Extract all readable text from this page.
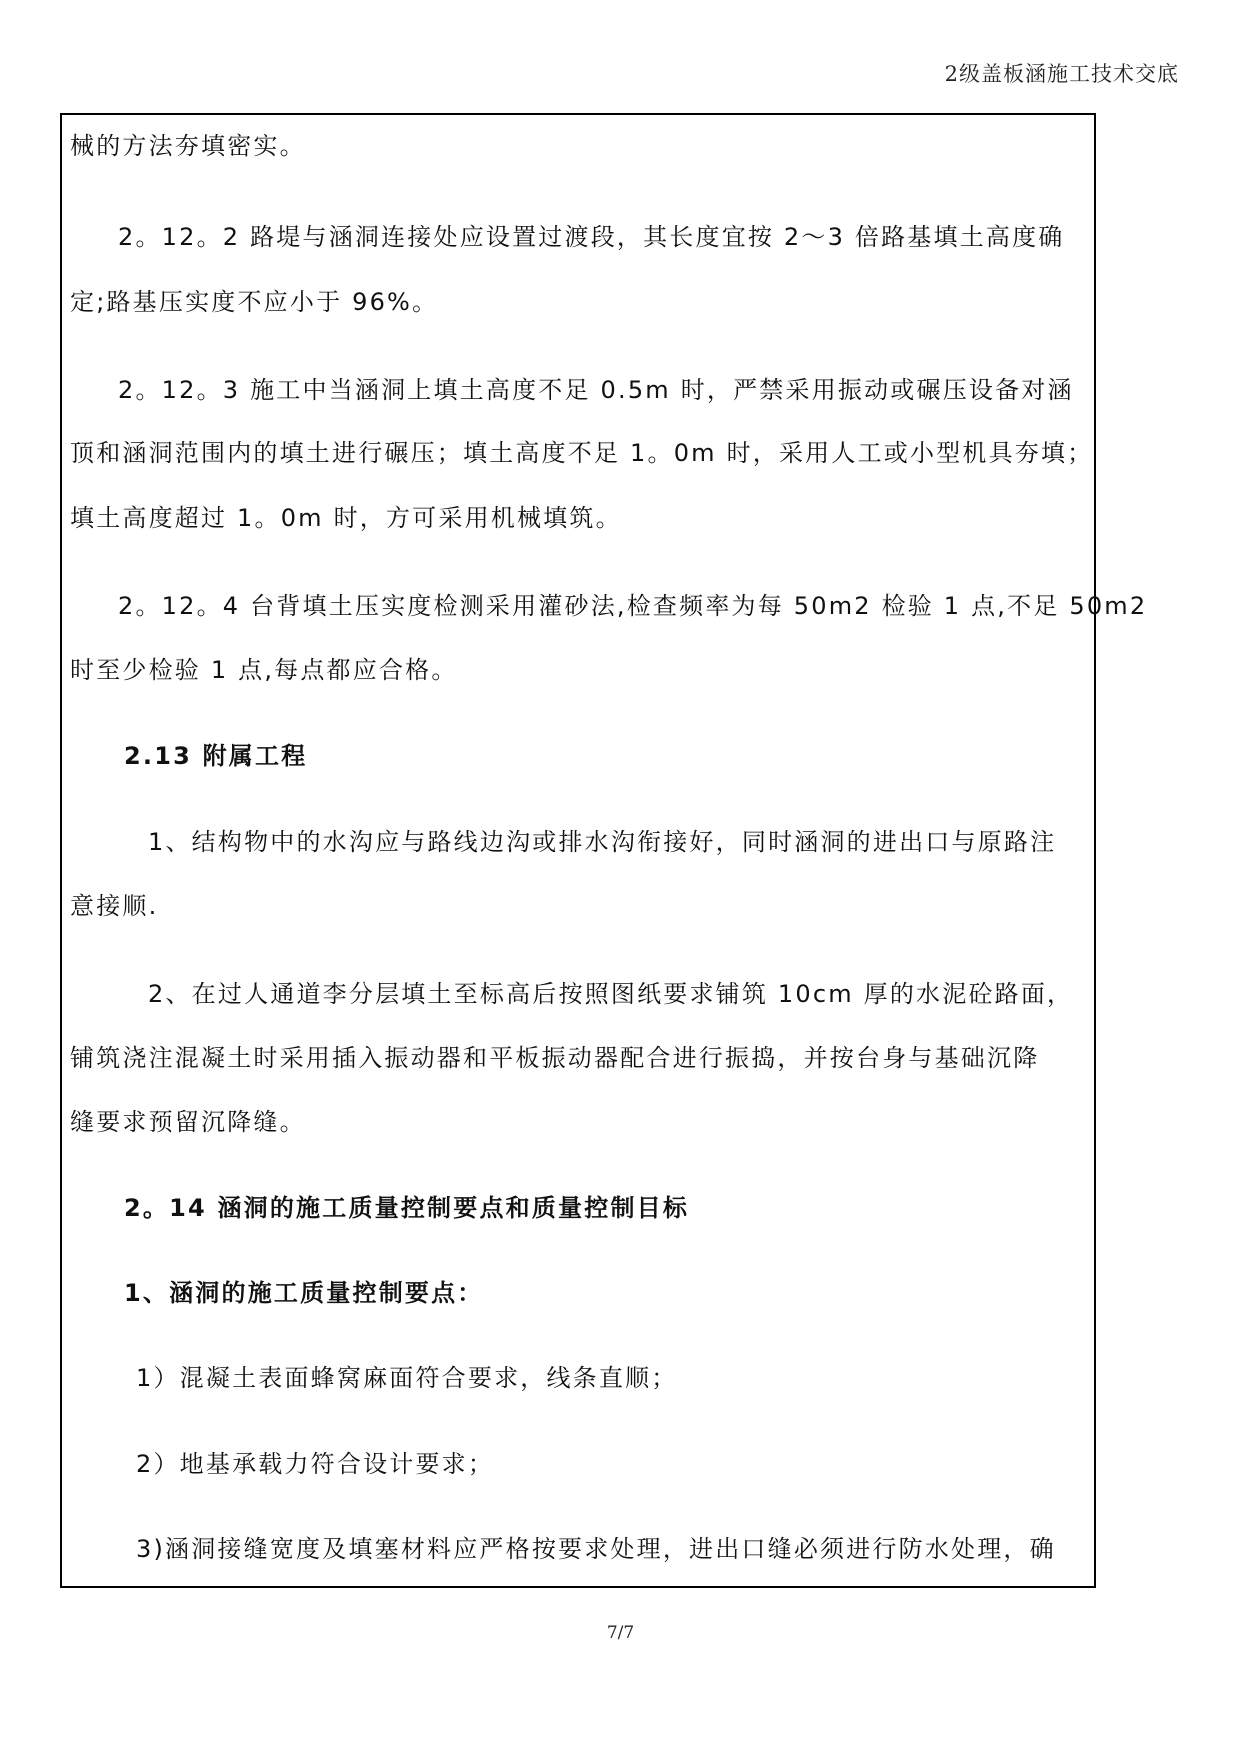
2级盖板涵施工技术交底
械的方法夯填密实。
2。12。2 路堤与涵洞连接处应设置过渡段，其长度宜按 2～3 倍路基填土高度确
定;路基压实度不应小于 96%。
2。12。3 施工中当涵洞上填土高度不足 0.5m 时，严禁采用振动或碾压设备对涵
顶和涵洞范围内的填土进行碾压；填土高度不足 1。0m 时，采用人工或小型机具夯填；
填土高度超过 1。0m 时，方可采用机械填筑。
2。12。4 台背填土压实度检测采用灌砂法,检查频率为每 50m2 检验 1 点,不足 50m2
时至少检验 1 点,每点都应合格。
2.13 附属工程
1、结构物中的水沟应与路线边沟或排水沟衔接好，同时涵洞的进出口与原路注
意接顺.
2、在过人通道李分层填土至标高后按照图纸要求铺筑 10cm 厚的水泥砼路面，
铺筑浇注混凝土时采用插入振动器和平板振动器配合进行振捣，并按台身与基础沉降
缝要求预留沉降缝。
2。14 涵洞的施工质量控制要点和质量控制目标
1、涵洞的施工质量控制要点：
1）混凝土表面蜂窝麻面符合要求，线条直顺；
2）地基承载力符合设计要求；
3)涵洞接缝宽度及填塞材料应严格按要求处理，进出口缝必须进行防水处理，确
7/7
